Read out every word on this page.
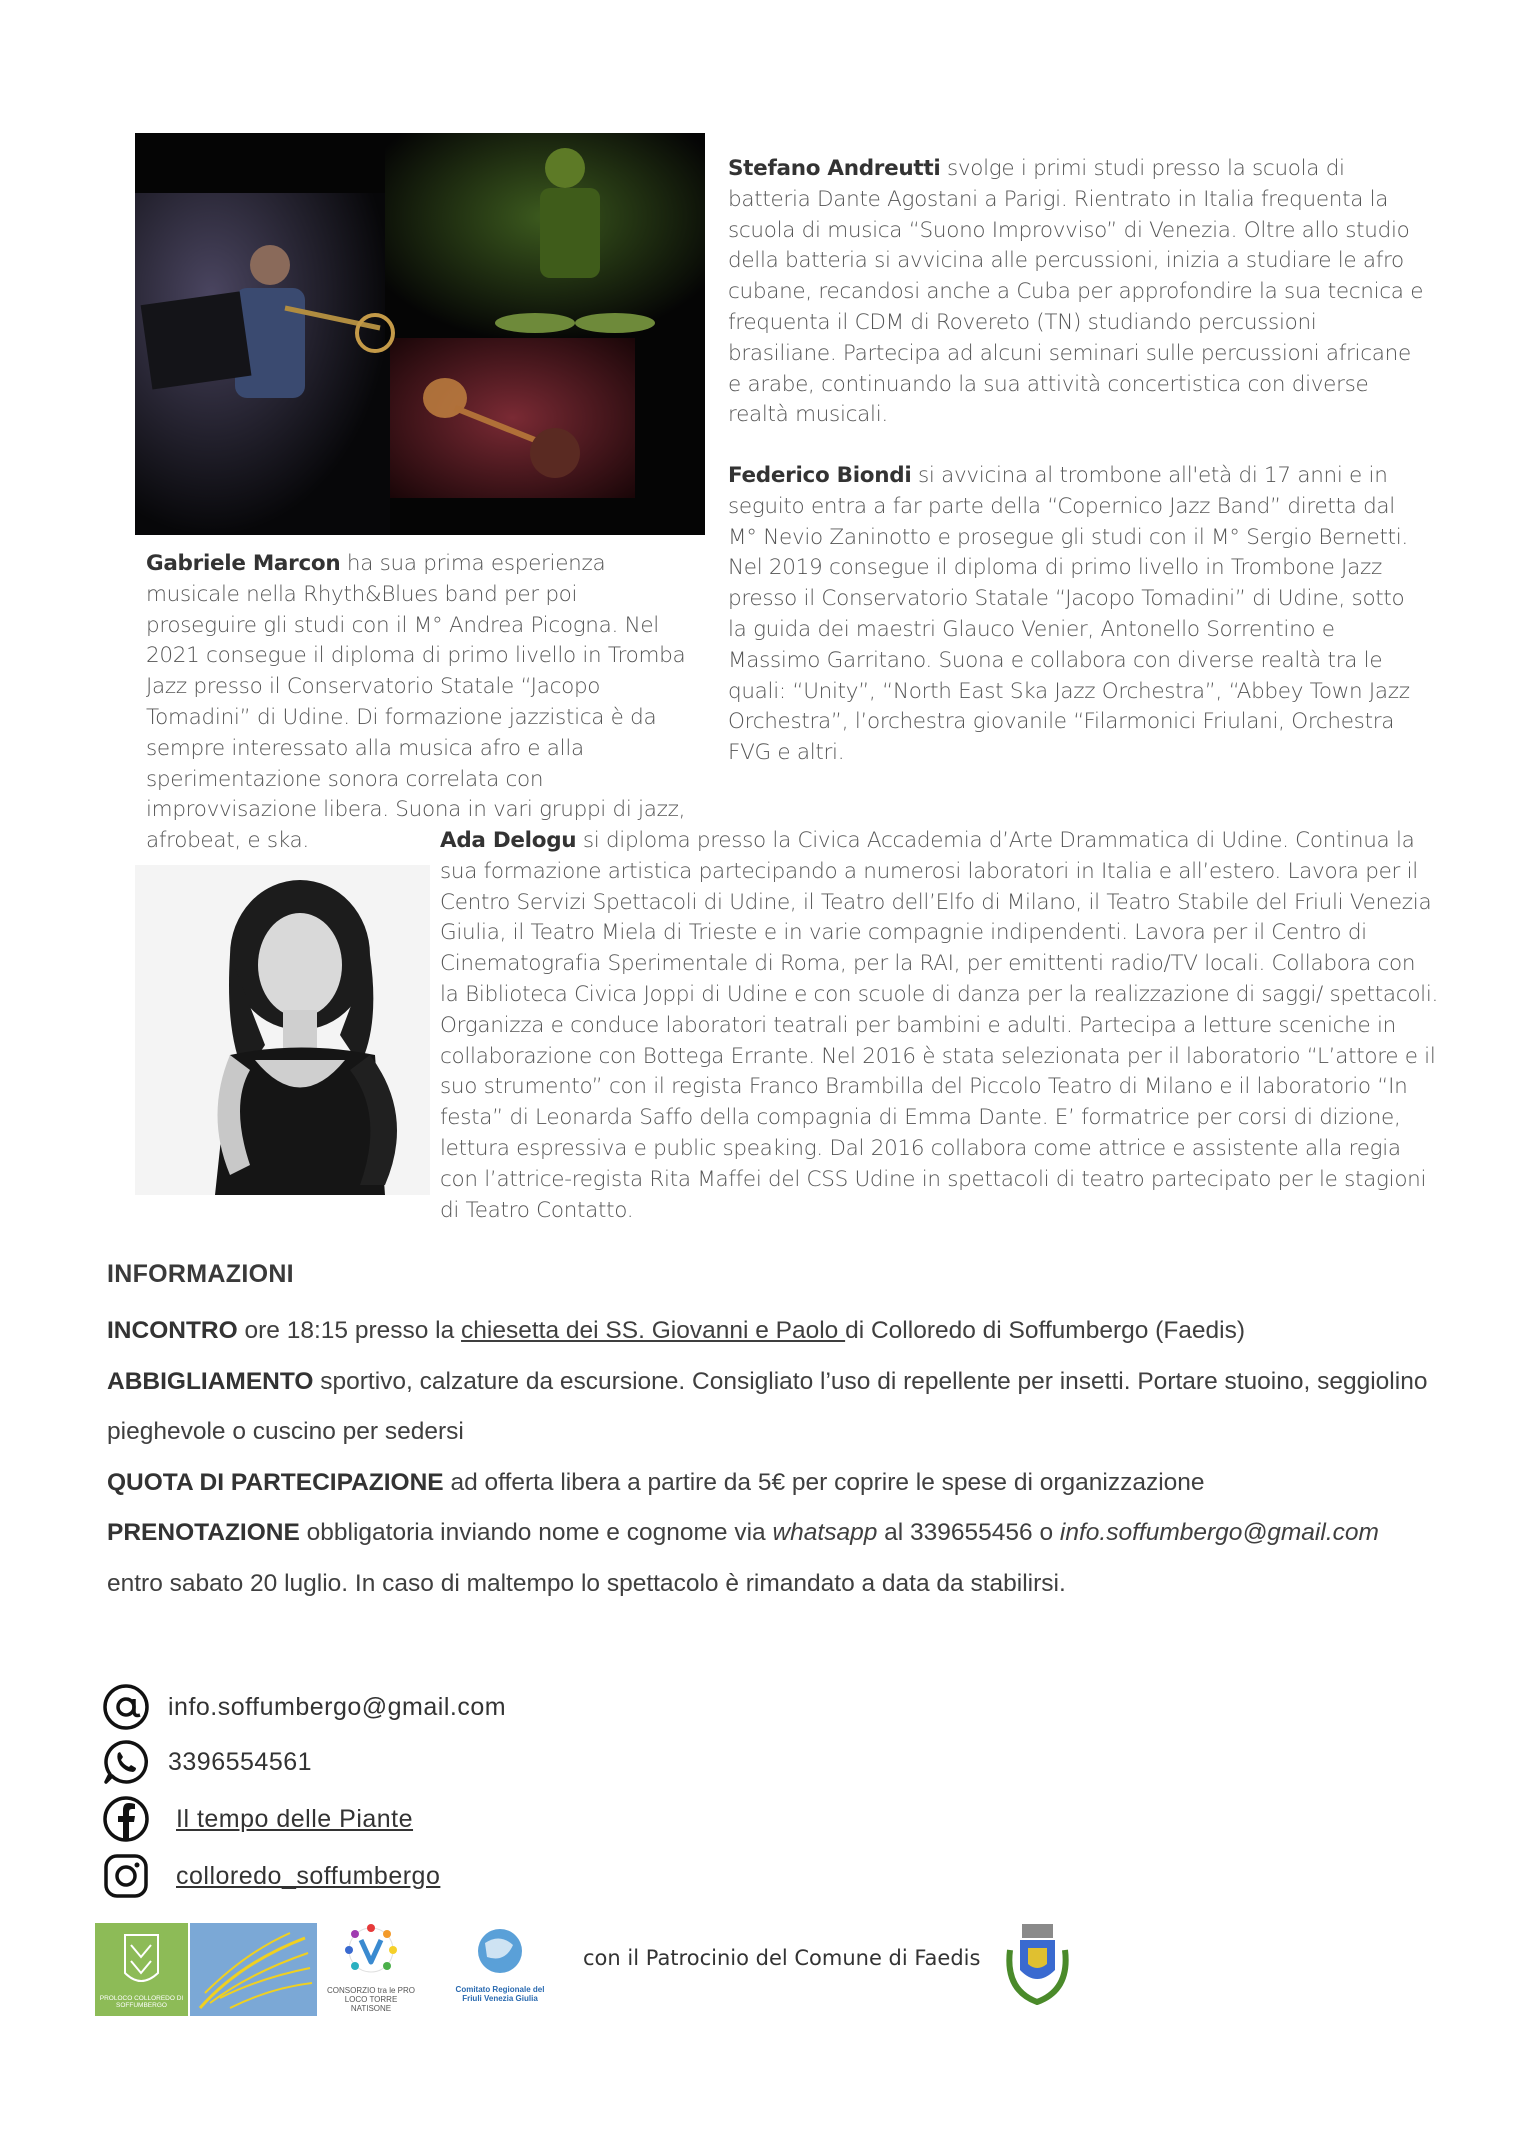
Stefano Andreutti svolge i primi studi presso la scuola di batteria Dante Agostani a Parigi. Rientrato in Italia frequenta la scuola di musica “Suono Improvviso” di Venezia. Oltre allo studio della batteria si avvicina alle percussioni, inizia a studiare le afro cubane, recandosi anche a Cuba per approfondire la sua tecnica e frequenta il CDM di Rovereto (TN) studiando percussioni brasiliane. Partecipa ad alcuni seminari sulle percussioni africane e arabe, continuando la sua attività concertistica con diverse realtà musicali.
Federico Biondi si avvicina al trombone all'età di 17 anni e in seguito entra a far parte della “Copernico Jazz Band” diretta dal M° Nevio Zaninotto e prosegue gli studi con il M° Sergio Bernetti. Nel 2019 consegue il diploma di primo livello in Trombone Jazz presso il Conservatorio Statale “Jacopo Tomadini” di Udine, sotto la guida dei maestri Glauco Venier, Antonello Sorrentino e Massimo Garritano. Suona e collabora con diverse realtà tra le quali: “Unity”, “North East Ska Jazz Orchestra”, “Abbey Town Jazz Orchestra”, l’orchestra giovanile “Filarmonici Friulani, Orchestra FVG e altri.
Gabriele Marcon ha sua prima esperienza musicale nella Rhyth&Blues band per poi proseguire gli studi con il M° Andrea Picogna. Nel 2021 consegue il diploma di primo livello in Tromba Jazz presso il Conservatorio Statale “Jacopo Tomadini” di Udine. Di formazione jazzistica è da sempre interessato alla musica afro e alla sperimentazione sonora correlata con improvvisazione libera. Suona in vari gruppi di jazz, afrobeat, e ska.	Ada Delogu si diploma presso la Civica Accademia d’Arte Drammatica di Udine. Continua la sua formazione artistica partecipando a numerosi laboratori in Italia e all’estero. Lavora per il Centro Servizi Spettacoli di Udine, il Teatro dell’Elfo di Milano, il Teatro Stabile del Friuli Venezia Giulia, il Teatro Miela di Trieste e in varie compagnie indipendenti. Lavora per il Centro di Cinematografia Sperimentale di Roma, per la RAI, per emittenti radio/TV locali. Collabora con la Biblioteca Civica Joppi di Udine e con scuole di danza per la realizzazione di saggi/ spettacoli. Organizza e conduce laboratori teatrali per bambini e adulti. Partecipa a letture sceniche in collaborazione con Bottega Errante. Nel 2016 è stata selezionata per il laboratorio “L’attore e il suo strumento” con il regista Franco Brambilla del Piccolo Teatro di Milano e il laboratorio “In festa” di Leonarda Saffo della compagnia di Emma Dante. E’ formatrice per corsi di dizione, lettura espressiva e public speaking. Dal 2016 collabora come attrice e assistente alla regia con l’attrice-regista Rita Maffei del CSS Udine in spettacoli di teatro partecipato per le stagioni di Teatro Contatto.
INFORMAZIONI
INCONTRO ore 18:15 presso la chiesetta dei SS. Giovanni e Paolo di Colloredo di Soffumbergo (Faedis)
ABBIGLIAMENTO sportivo, calzature da escursione. Consigliato l’uso di repellente per insetti. Portare stuoino, seggiolino pieghevole o cuscino per sedersi
QUOTA DI PARTECIPAZIONE ad offerta libera a partire da 5€ per coprire le spese di organizzazione
PRENOTAZIONE obbligatoria inviando nome e cognome via whatsapp al 339655456 o info.soffumbergo@gmail.com entro sabato 20 luglio. In caso di maltempo lo spettacolo è rimandato a data da stabilirsi.
info.soffumbergo@gmail.com
3396554561
Il tempo delle Piante
colloredo_soffumbergo
PROLOCO COLLOREDO DI SOFFUMBERGO
CONSORZIO tra le PRO LOCO TORRE NATISONE
Comitato Regionale del Friuli Venezia Giulia
con il Patrocinio del Comune di Faedis
